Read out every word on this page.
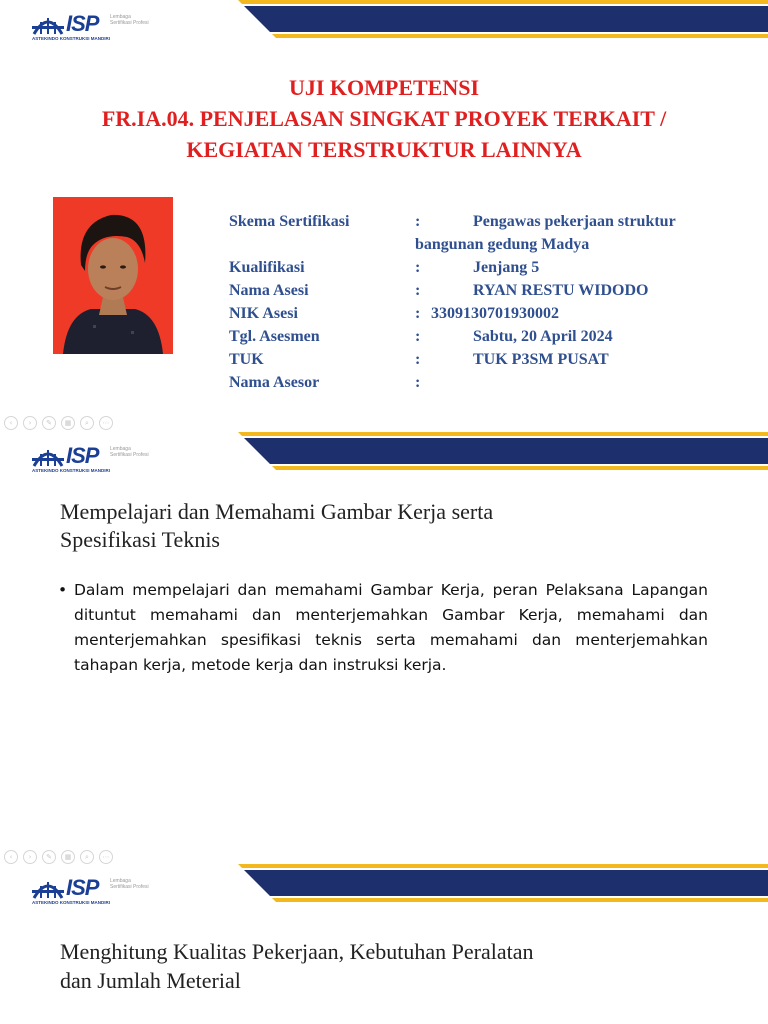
ISP Lembaga Sertifikasi Profesi
ASTEKINDO KONSTRUKSI MANDIRI
UJI KOMPETENSI
FR.IA.04. PENJELASAN SINGKAT PROYEK TERKAIT /
KEGIATAN TERSTRUKTUR LAINNYA
Skema Sertifikasi	:	Pengawas pekerjaan struktur
bangunan gedung Madya
Kualifikasi	:	Jenjang 5
Nama Asesi	:	RYAN RESTU WIDODO
NIK Asesi	: 3309130701930002
Tgl. Asesmen	:	Sabtu, 20 April 2024
TUK	:	TUK P3SM PUSAT
Nama Asesor	:
‹	›	✎	▦	⌕	⋯
ISP Lembaga Sertifikasi Profesi
ASTEKINDO KONSTRUKSI MANDIRI
Mempelajari dan Memahami Gambar Kerja serta
Spesifikasi Teknis
• Dalam mempelajari dan memahami Gambar Kerja, peran Pelaksana Lapangan dituntut memahami dan menterjemahkan Gambar Kerja, memahami dan menterjemahkan spesifikasi teknis serta memahami dan menterjemahkan tahapan kerja, metode kerja dan instruksi kerja.
‹	›	✎	▦	⌕	⋯
ISP Lembaga Sertifikasi Profesi
ASTEKINDO KONSTRUKSI MANDIRI
Menghitung Kualitas Pekerjaan, Kebutuhan Peralatan
dan Jumlah Meterial
